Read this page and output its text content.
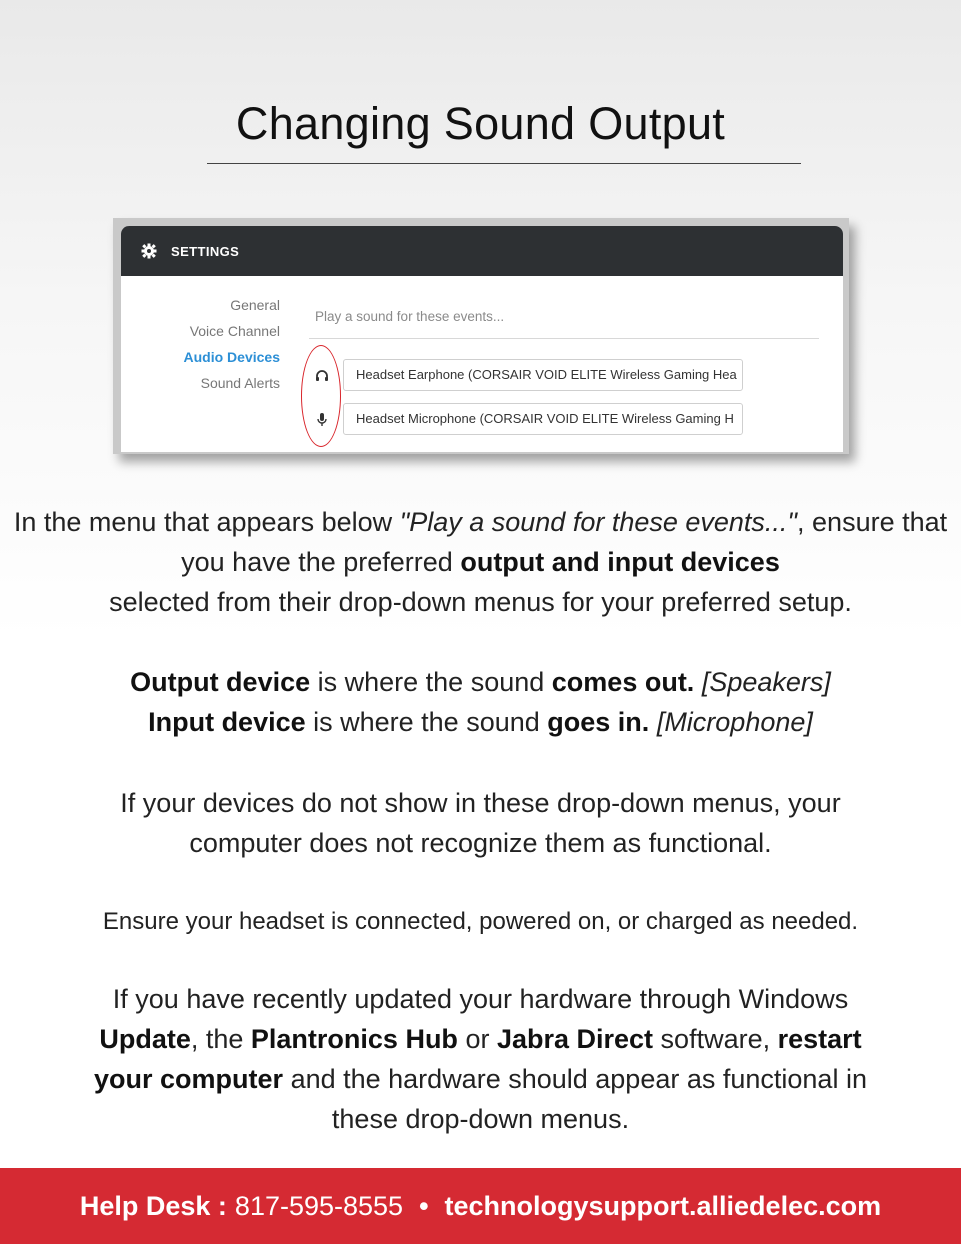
Changing Sound Output
SETTINGS
General
Voice Channel
Audio Devices
Sound Alerts
Play a sound for these events...
Headset Earphone (CORSAIR VOID ELITE Wireless Gaming Hea
Headset Microphone (CORSAIR VOID ELITE Wireless Gaming H
In the menu that appears below "Play a sound for these events...", ensure that you have the preferred output and input devices
selected from their drop-down menus for your preferred setup.
Output device is where the sound comes out. [Speakers]
Input device is where the sound goes in. [Microphone]
If your devices do not show in these drop-down menus, your computer does not recognize them as functional.
Ensure your headset is connected, powered on, or charged as needed.
If you have recently updated your hardware through Windows Update, the Plantronics Hub or Jabra Direct software, restart your computer and the hardware should appear as functional in these drop-down menus.
Help Desk : 817-595-8555 • technologysupport.alliedelec.com
